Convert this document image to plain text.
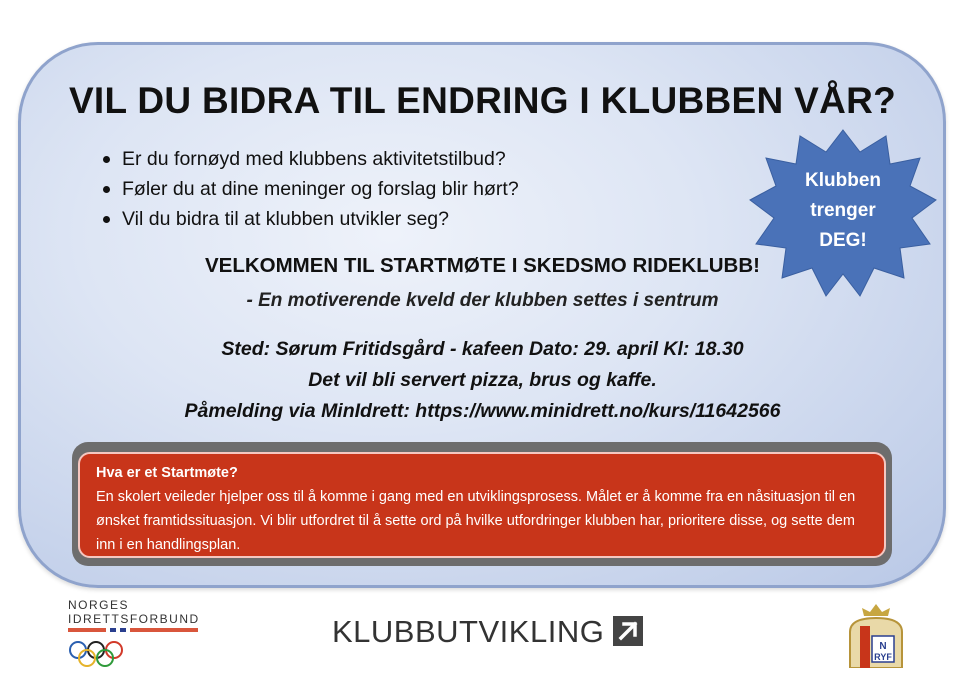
VIL DU BIDRA TIL ENDRING I KLUBBEN VÅR?
Er du fornøyd med klubbens aktivitetstilbud?
Føler du at dine meninger og forslag blir hørt?
Vil du bidra til at klubben utvikler seg?
Klubben
trenger
DEG!
VELKOMMEN TIL STARTMØTE I SKEDSMO RIDEKLUBB!
- En motiverende kveld der klubben settes i sentrum
Sted: Sørum Fritidsgård - kafeen Dato: 29. april Kl: 18.30
Det vil bli servert pizza, brus og kaffe.
Påmelding via MinIdrett: https://www.minidrett.no/kurs/11642566
Hva er et Startmøte?
En skolert veileder hjelper oss til å komme i gang med en utviklingsprosess. Målet er å komme fra en nåsituasjon til en ønsket framtidssituasjon. Vi blir utfordret til å sette ord på hvilke utfordringer klubben har, prioritere disse, og sette dem inn i en handlingsplan.
NORGES
IDRETTSFORBUND	KLUBBUTVIKLING	N
RYF
